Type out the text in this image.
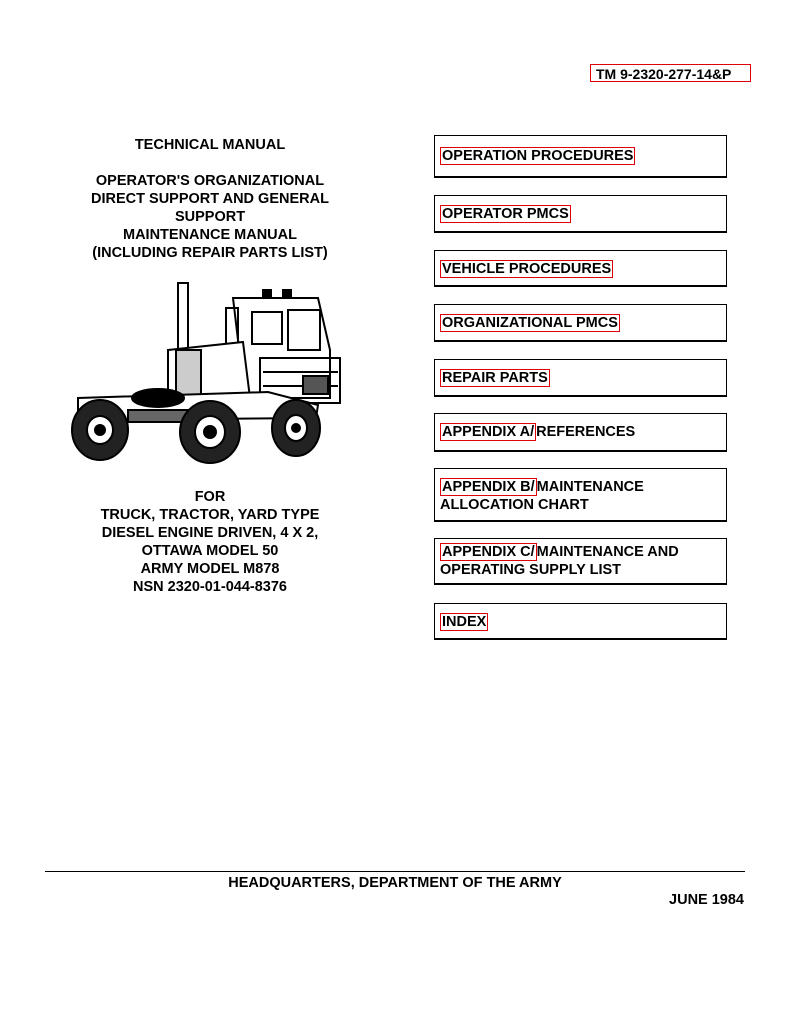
TM 9-2320-277-14&P
TECHNICAL MANUAL
OPERATOR'S ORGANIZATIONAL
DIRECT SUPPORT AND GENERAL
SUPPORT
MAINTENANCE MANUAL
(INCLUDING REPAIR PARTS LIST)
FOR
TRUCK, TRACTOR, YARD TYPE
DIESEL ENGINE DRIVEN, 4 X 2,
OTTAWA MODEL 50
ARMY MODEL M878
NSN 2320-01-044-8376
OPERATION PROCEDURES
OPERATOR PMCS
VEHICLE PROCEDURES
ORGANIZATIONAL PMCS
REPAIR PARTS
APPENDIX A/ REFERENCES
APPENDIX B/ MAINTENANCE
ALLOCATION CHART
APPENDIX C/ MAINTENANCE AND
OPERATING SUPPLY LIST
INDEX
HEADQUARTERS, DEPARTMENT OF THE ARMY
JUNE 1984
